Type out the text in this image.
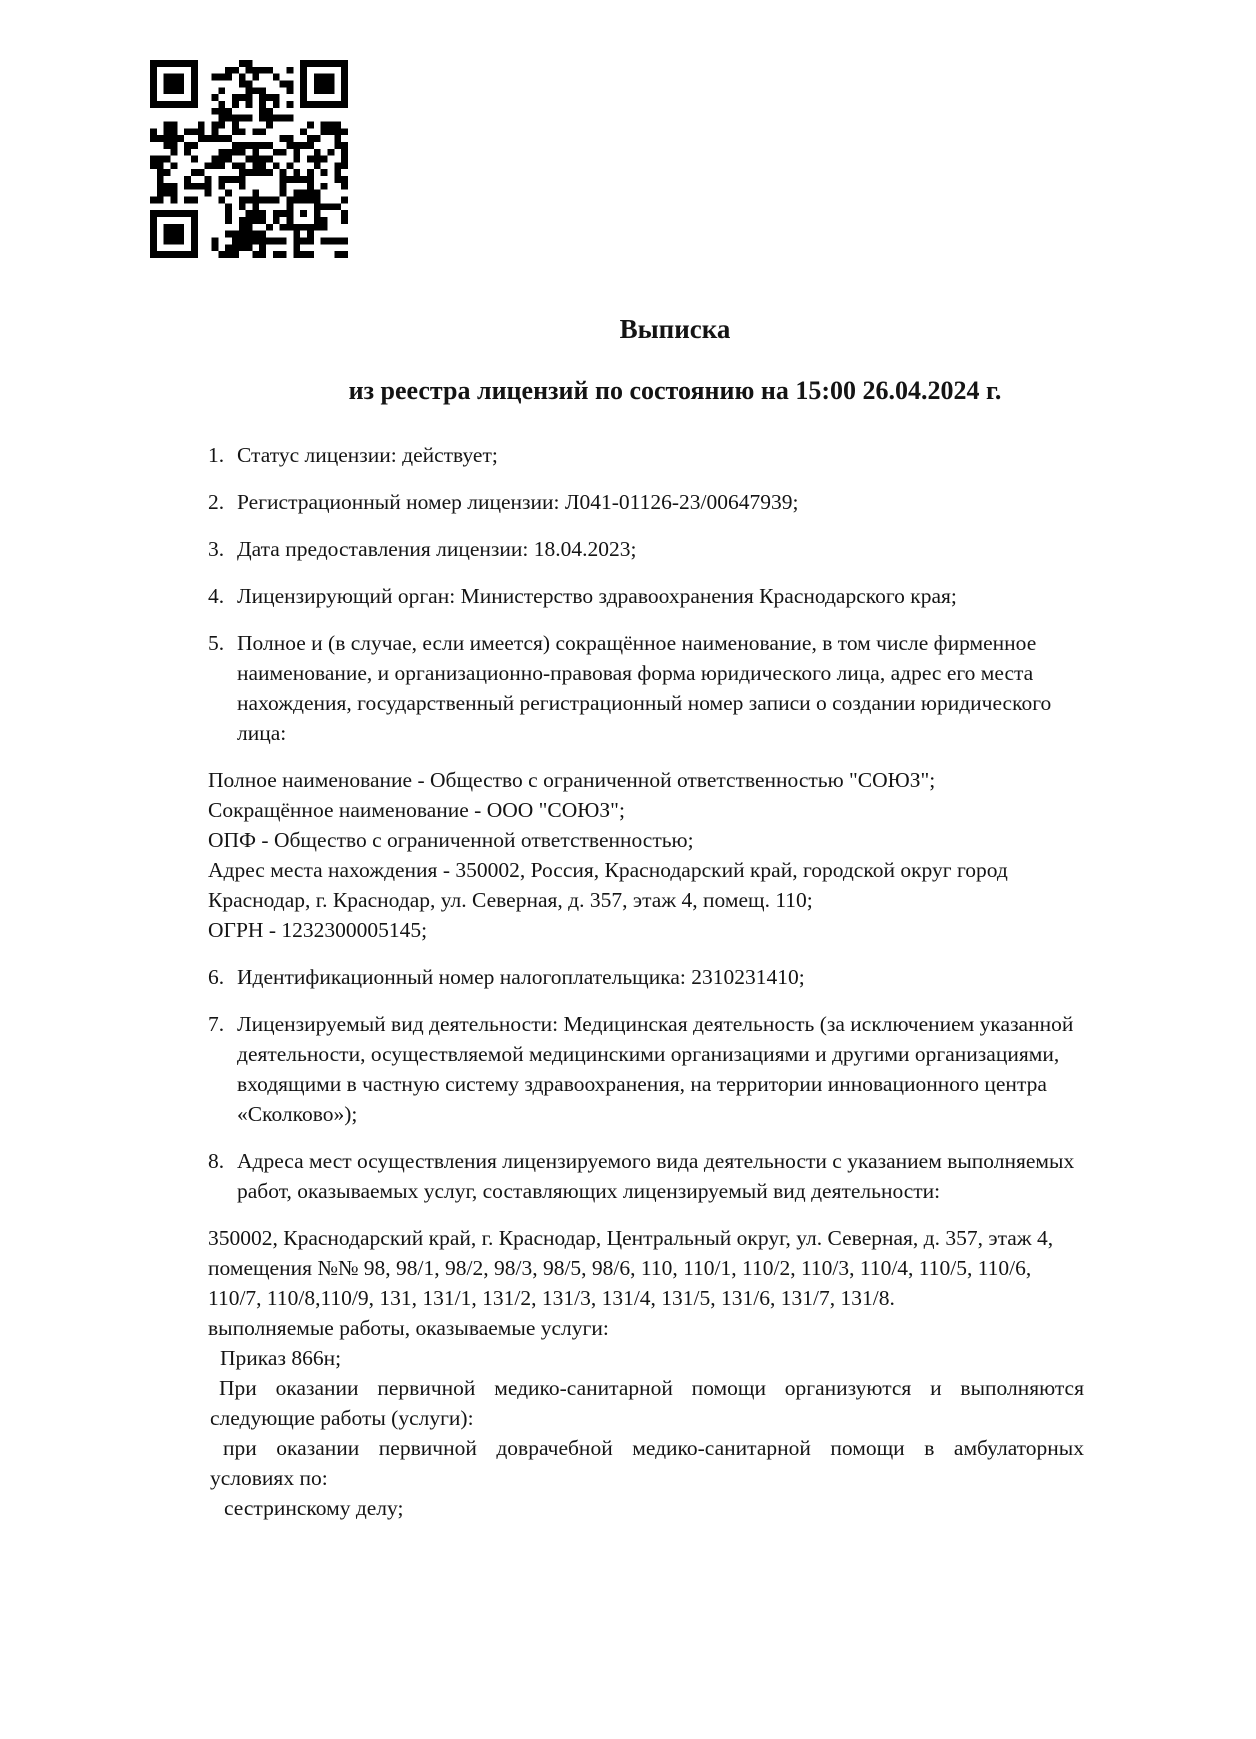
Выписка
из реестра лицензий по состоянию на 15:00 26.04.2024 г.

1. Статус лицензии: действует;

2. Регистрационный номер лицензии: Л041-01126-23/00647939;

3. Дата предоставления лицензии: 18.04.2023;

4. Лицензирующий орган: Министерство здравоохранения Краснодарского края;

5. Полное и (в случае, если имеется) сокращённое наименование, в том числе фирменное наименование, и организационно-правовая форма юридического лица, адрес его места нахождения, государственный регистрационный номер записи о создании юридического лица:

Полное наименование - Общество с ограниченной ответственностью "СОЮЗ";

Сокращённое наименование - ООО "СОЮЗ";

ОПФ - Общество с ограниченной ответственностью;

Адрес места нахождения - 350002, Россия, Краснодарский край, городской округ город Краснодар, г. Краснодар, ул. Северная, д. 357, этаж 4, помещ. 110;

ОГРН - 1232300005145;

6. Идентификационный номер налогоплательщика: 2310231410;

7. Лицензируемый вид деятельности: Медицинская деятельность (за исключением указанной деятельности, осуществляемой медицинскими организациями и другими организациями, входящими в частную систему здравоохранения, на территории инновационного центра «Сколково»);

8. Адреса мест осуществления лицензируемого вида деятельности с указанием выполняемых работ, оказываемых услуг, составляющих лицензируемый вид деятельности:

350002, Краснодарский край, г. Краснодар, Центральный округ, ул. Северная, д. 357, этаж 4, помещения №№ 98, 98/1, 98/2, 98/3, 98/5, 98/6, 110, 110/1, 110/2, 110/3, 110/4, 110/5, 110/6, 110/7, 110/8,110/9, 131, 131/1, 131/2, 131/3, 131/4, 131/5, 131/6, 131/7, 131/8.

выполняемые работы, оказываемые услуги:

Приказ 866н;

При оказании первичной медико-санитарной помощи организуются и выполняются
следующие работы (услуги):
при оказании первичной доврачебной медико-санитарной помощи в амбулаторных
условиях по:

сестринскому делу;
